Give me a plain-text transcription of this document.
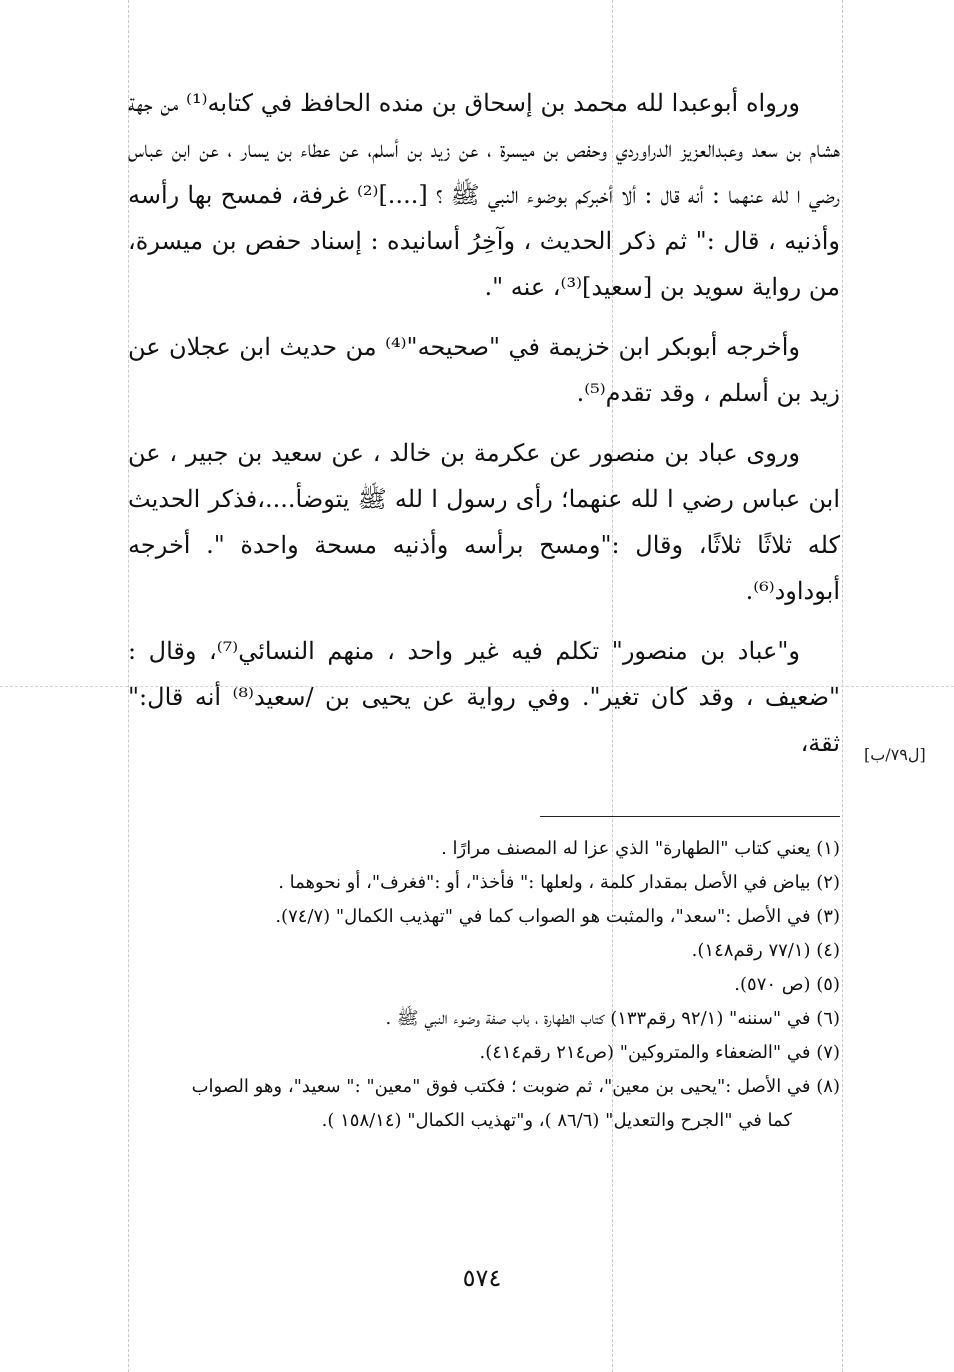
ورواه أبوعبدا لله محمد بن إسحاق بن منده الحافظ في كتابه⁽¹⁾ من جهة هشام بن سعد وعبدالعزيز الدراوردي وحفص بن ميسرة ، عن زيد بن أسلم، عن عطاء بن يسار ، عن ابن عباس رضي ا لله عنهما : أنه قال : ألا أخبركم بوضوء النبي ﷺ ؟ [....]⁽²⁾ غرفة، فمسح بها رأسه وأذنيه ، قال :" ثم ذكر الحديث ، وآخِرُ أسانيده : إسناد حفص بن ميسرة، من رواية سويد بن [سعيد]⁽³⁾، عنه ".

وأخرجه أبوبكر ابن خزيمة في "صحيحه"⁽⁴⁾ من حديث ابن عجلان عن زيد بن أسلم ، وقد تقدم⁽⁵⁾.

وروى عباد بن منصور عن عكرمة بن خالد ، عن سعيد بن جبير ، عن ابن عباس رضي ا لله عنهما؛ رأى رسول ا لله ﷺ يتوضأ....،فذكر الحديث كله ثلاثًا ثلاثًا، وقال :"ومسح برأسه وأذنيه مسحة واحدة ". أخرجه أبوداود⁽⁶⁾.

و"عباد بن منصور" تكلم فيه غير واحد ، منهم النسائي⁽⁷⁾، وقال : "ضعيف ، وقد كان تغير". وفي رواية عن يحيى بن /سعيد⁽⁸⁾ أنه قال:" ثقة، [ل٧٩/ب]

(١) يعني كتاب "الطهارة" الذي عزا له المصنف مرارًا .

(٢) بياض في الأصل بمقدار كلمة ، ولعلها :" فأخذ"، أو :"فغرف"، أو نحوهما .

(٣) في الأصل :"سعد"، والمثبت هو الصواب كما في "تهذيب الكمال" (٧٤/٧).

(٤) (٧٧/١ رقم١٤٨).

(٥) (ص ٥٧٠).

(٦) في "سننه" (٩٢/١ رقم١٣٣) كتاب الطهارة ، باب صفة وضوء النبي ﷺ .

(٧) في "الضعفاء والمتروكين" (ص٢١٤ رقم٤١٤).

(٨) في الأصل :"يحيى بن معين"، ثم ضوبت ؛ فكتب فوق "معين" :" سعيد"، وهو الصواب
كما في "الجرح والتعديل" (٨٦/٦ )، و"تهذيب الكمال" (١٥٨/١٤ ).

٥٧٤
